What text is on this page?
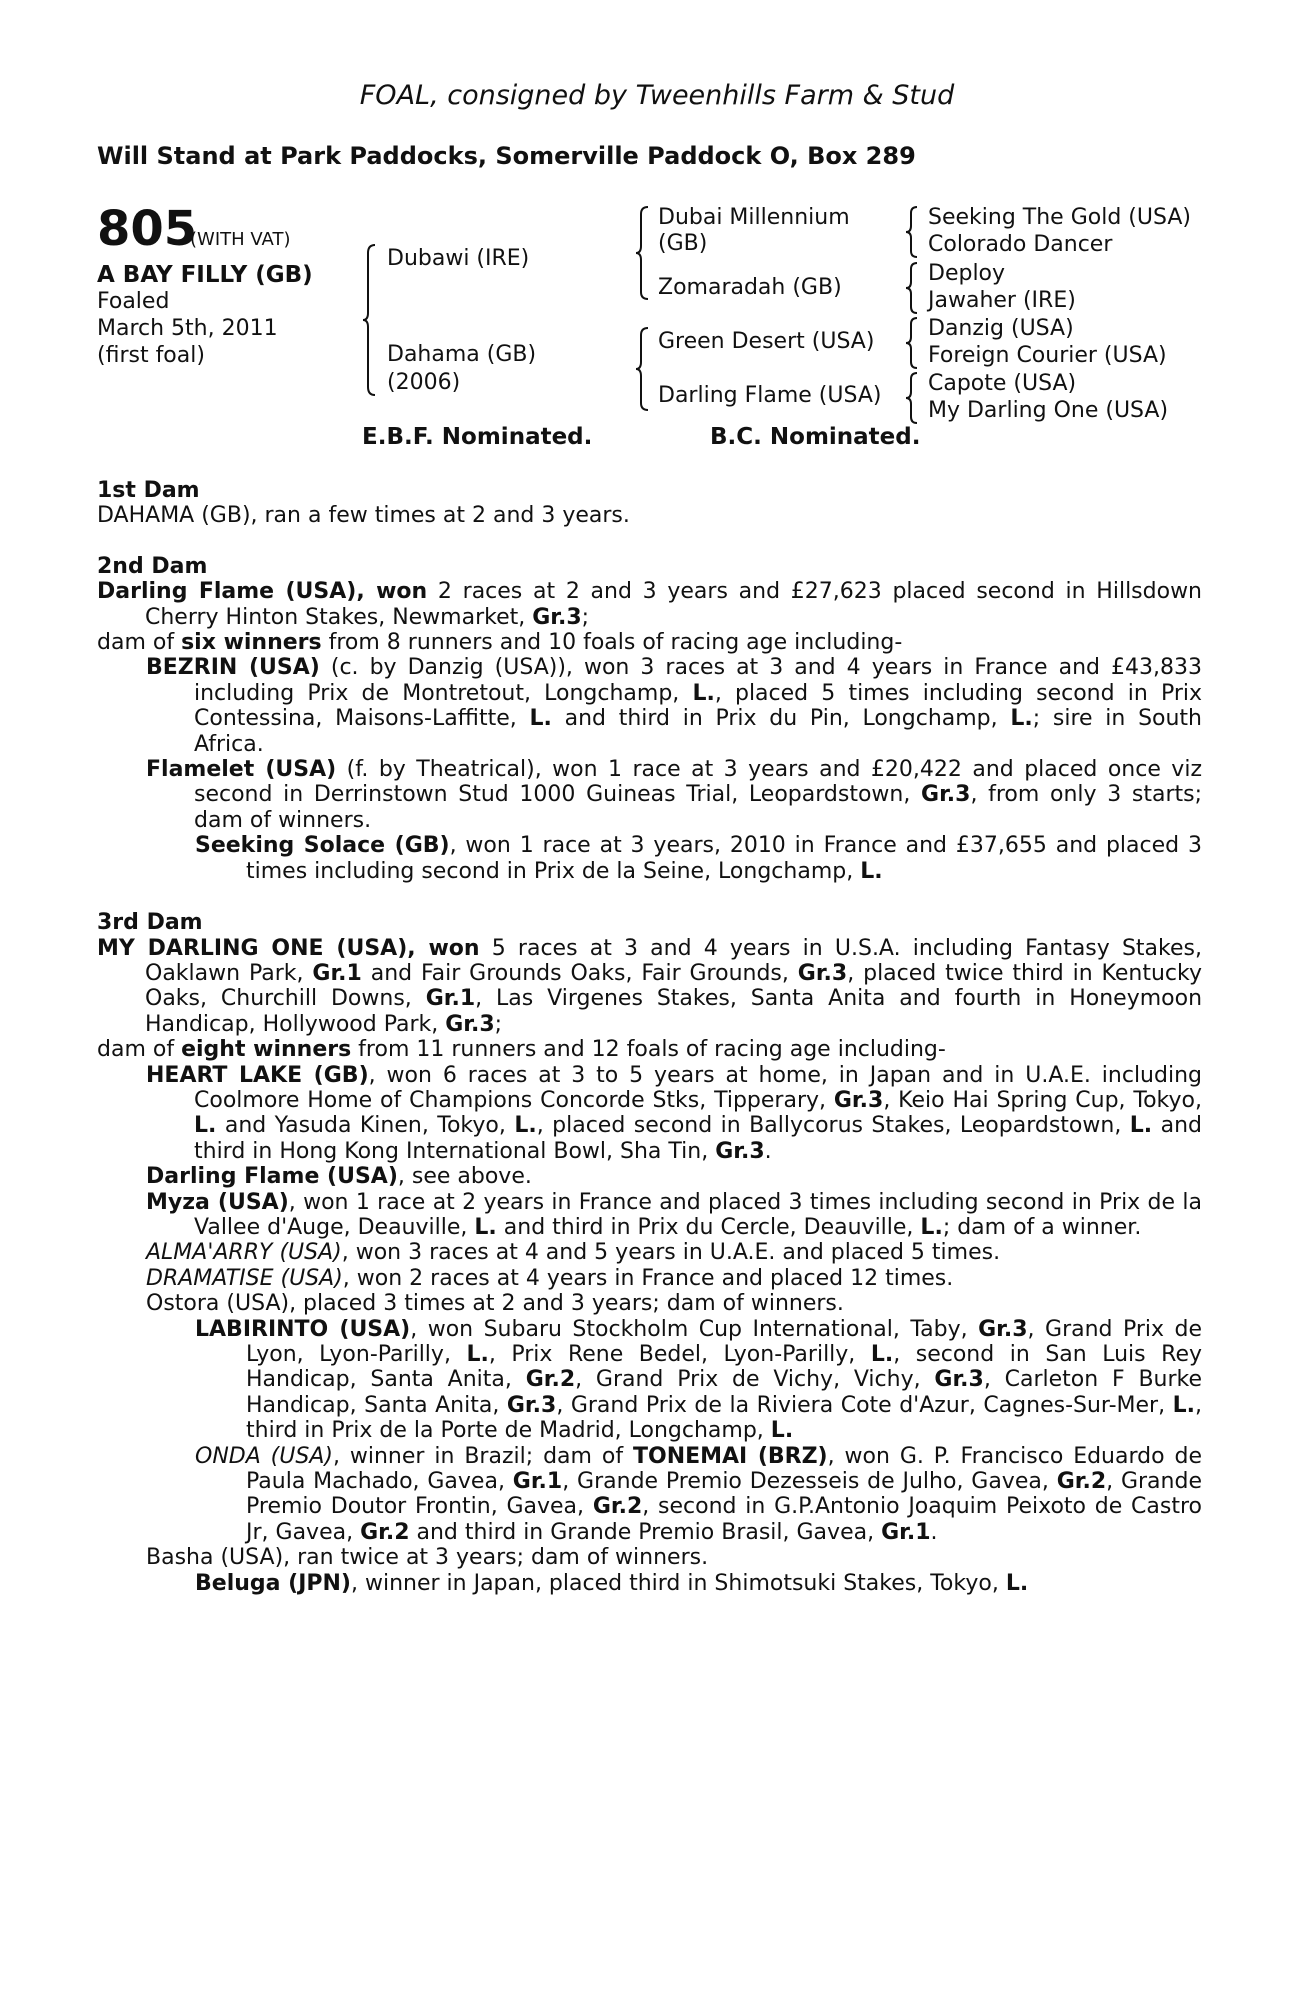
FOAL, consigned by Tweenhills Farm & Stud
Will Stand at Park Paddocks, Somerville Paddock O, Box 289
805
(WITH VAT)
A BAY FILLY (GB)
Foaled
March 5th, 2011
(first foal)
Dubawi (IRE)
Dahama (GB)
(2006)
Dubai Millennium
(GB)
Zomaradah (GB)
Green Desert (USA)
Darling Flame (USA)
Seeking The Gold (USA)
Colorado Dancer
Deploy
Jawaher (IRE)
Danzig (USA)
Foreign Courier (USA)
Capote (USA)
My Darling One (USA)
E.B.F. Nominated.	B.C. Nominated.

1st Dam

DAHAMA (GB), ran a few times at 2 and 3 years.

2nd Dam

Darling Flame (USA), won 2 races at 2 and 3 years and £27,623 placed second in Hillsdown Cherry Hinton Stakes, Newmarket, Gr.3;

dam of six winners from 8 runners and 10 foals of racing age including-

BEZRIN (USA) (c. by Danzig (USA)), won 3 races at 3 and 4 years in France and £43,833 including Prix de Montretout, Longchamp, L., placed 5 times including second in Prix Contessina, Maisons-Laffitte, L. and third in Prix du Pin, Longchamp, L.; sire in South Africa.

Flamelet (USA) (f. by Theatrical), won 1 race at 3 years and £20,422 and placed once viz second in Derrinstown Stud 1000 Guineas Trial, Leopardstown, Gr.3, from only 3 starts; dam of winners.

Seeking Solace (GB), won 1 race at 3 years, 2010 in France and £37,655 and placed 3 times including second in Prix de la Seine, Longchamp, L.

3rd Dam

MY DARLING ONE (USA), won 5 races at 3 and 4 years in U.S.A. including Fantasy Stakes, Oaklawn Park, Gr.1 and Fair Grounds Oaks, Fair Grounds, Gr.3, placed twice third in Kentucky Oaks, Churchill Downs, Gr.1, Las Virgenes Stakes, Santa Anita and fourth in Honeymoon Handicap, Hollywood Park, Gr.3;

dam of eight winners from 11 runners and 12 foals of racing age including-

HEART LAKE (GB), won 6 races at 3 to 5 years at home, in Japan and in U.A.E. including Coolmore Home of Champions Concorde Stks, Tipperary, Gr.3, Keio Hai Spring Cup, Tokyo, L. and Yasuda Kinen, Tokyo, L., placed second in Ballycorus Stakes, Leopardstown, L. and third in Hong Kong International Bowl, Sha Tin, Gr.3.

Darling Flame (USA), see above.

Myza (USA), won 1 race at 2 years in France and placed 3 times including second in Prix de la Vallee d'Auge, Deauville, L. and third in Prix du Cercle, Deauville, L.; dam of a winner.

ALMA'ARRY (USA), won 3 races at 4 and 5 years in U.A.E. and placed 5 times.

DRAMATISE (USA), won 2 races at 4 years in France and placed 12 times.

Ostora (USA), placed 3 times at 2 and 3 years; dam of winners.

LABIRINTO (USA), won Subaru Stockholm Cup International, Taby, Gr.3, Grand Prix de Lyon, Lyon-Parilly, L., Prix Rene Bedel, Lyon-Parilly, L., second in San Luis Rey Handicap, Santa Anita, Gr.2, Grand Prix de Vichy, Vichy, Gr.3, Carleton F Burke Handicap, Santa Anita, Gr.3, Grand Prix de la Riviera Cote d'Azur, Cagnes-Sur-Mer, L., third in Prix de la Porte de Madrid, Longchamp, L.

ONDA (USA), winner in Brazil; dam of TONEMAI (BRZ), won G. P. Francisco Eduardo de Paula Machado, Gavea, Gr.1, Grande Premio Dezesseis de Julho, Gavea, Gr.2, Grande Premio Doutor Frontin, Gavea, Gr.2, second in G.P.Antonio Joaquim Peixoto de Castro Jr, Gavea, Gr.2 and third in Grande Premio Brasil, Gavea, Gr.1.

Basha (USA), ran twice at 3 years; dam of winners.

Beluga (JPN), winner in Japan, placed third in Shimotsuki Stakes, Tokyo, L.
